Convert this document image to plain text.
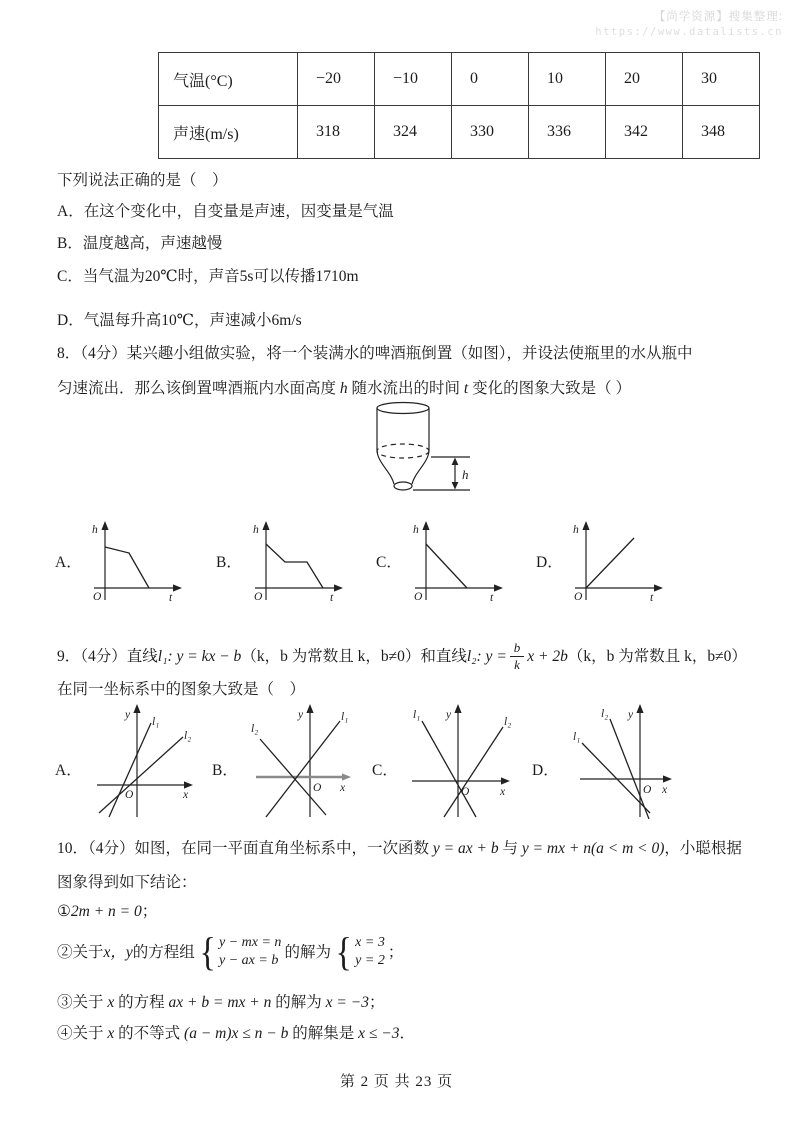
【尚学资源】搜集整理:
https://www.datalists.cn
气温(°C)	−20	−10	0	10	20	30
声速(m/s)	318	324	330	336	342	348
下列说法正确的是（　）
A．在这个变化中，自变量是声速，因变量是气温
B．温度越高，声速越慢
C．当气温为20℃时，声音5s可以传播1710m
D．气温每升高10℃，声速减小6m/s
8．（4分）某兴趣小组做实验，将一个装满水的啤酒瓶倒置（如图），并设法使瓶里的水从瓶中
匀速流出．那么该倒置啤酒瓶内水面高度 h 随水流出的时间 t 变化的图象大致是（ ）
h
A．
h
t
O
B．
h
t
O
C．
h
t
O
D．
h
t
O
9．（4分）直线 l₁: y = kx − b （k，b 为常数且 k，b≠0）和直线 l₂: $y = \frac{b}{k}$ x + 2b （k，b 为常数且 k，b≠0）
在同一坐标系中的图象大致是（　）
A．
y
x
O
l₁
l₂
B．
y
x
O
l₁
l₂
C．
y
x
O
l₁
l₂
D．
y
x
O
l₁
l₂
10．（4分）如图，在同一平面直角坐标系中，一次函数 y = ax + b 与 y = mx + n(a < m < 0)，小聪根据
图象得到如下结论：
①2m + n = 0；
②关于 x，y 的方程组 { y − mx = n
y − ax = b 的解为 { x = 3
y = 2 ；
③关于 x 的方程 ax + b = mx + n 的解为 x = −3；
④关于 x 的不等式 (a − m)x ≤ n − b 的解集是 x ≤ −3．
第 2 页 共 23 页
